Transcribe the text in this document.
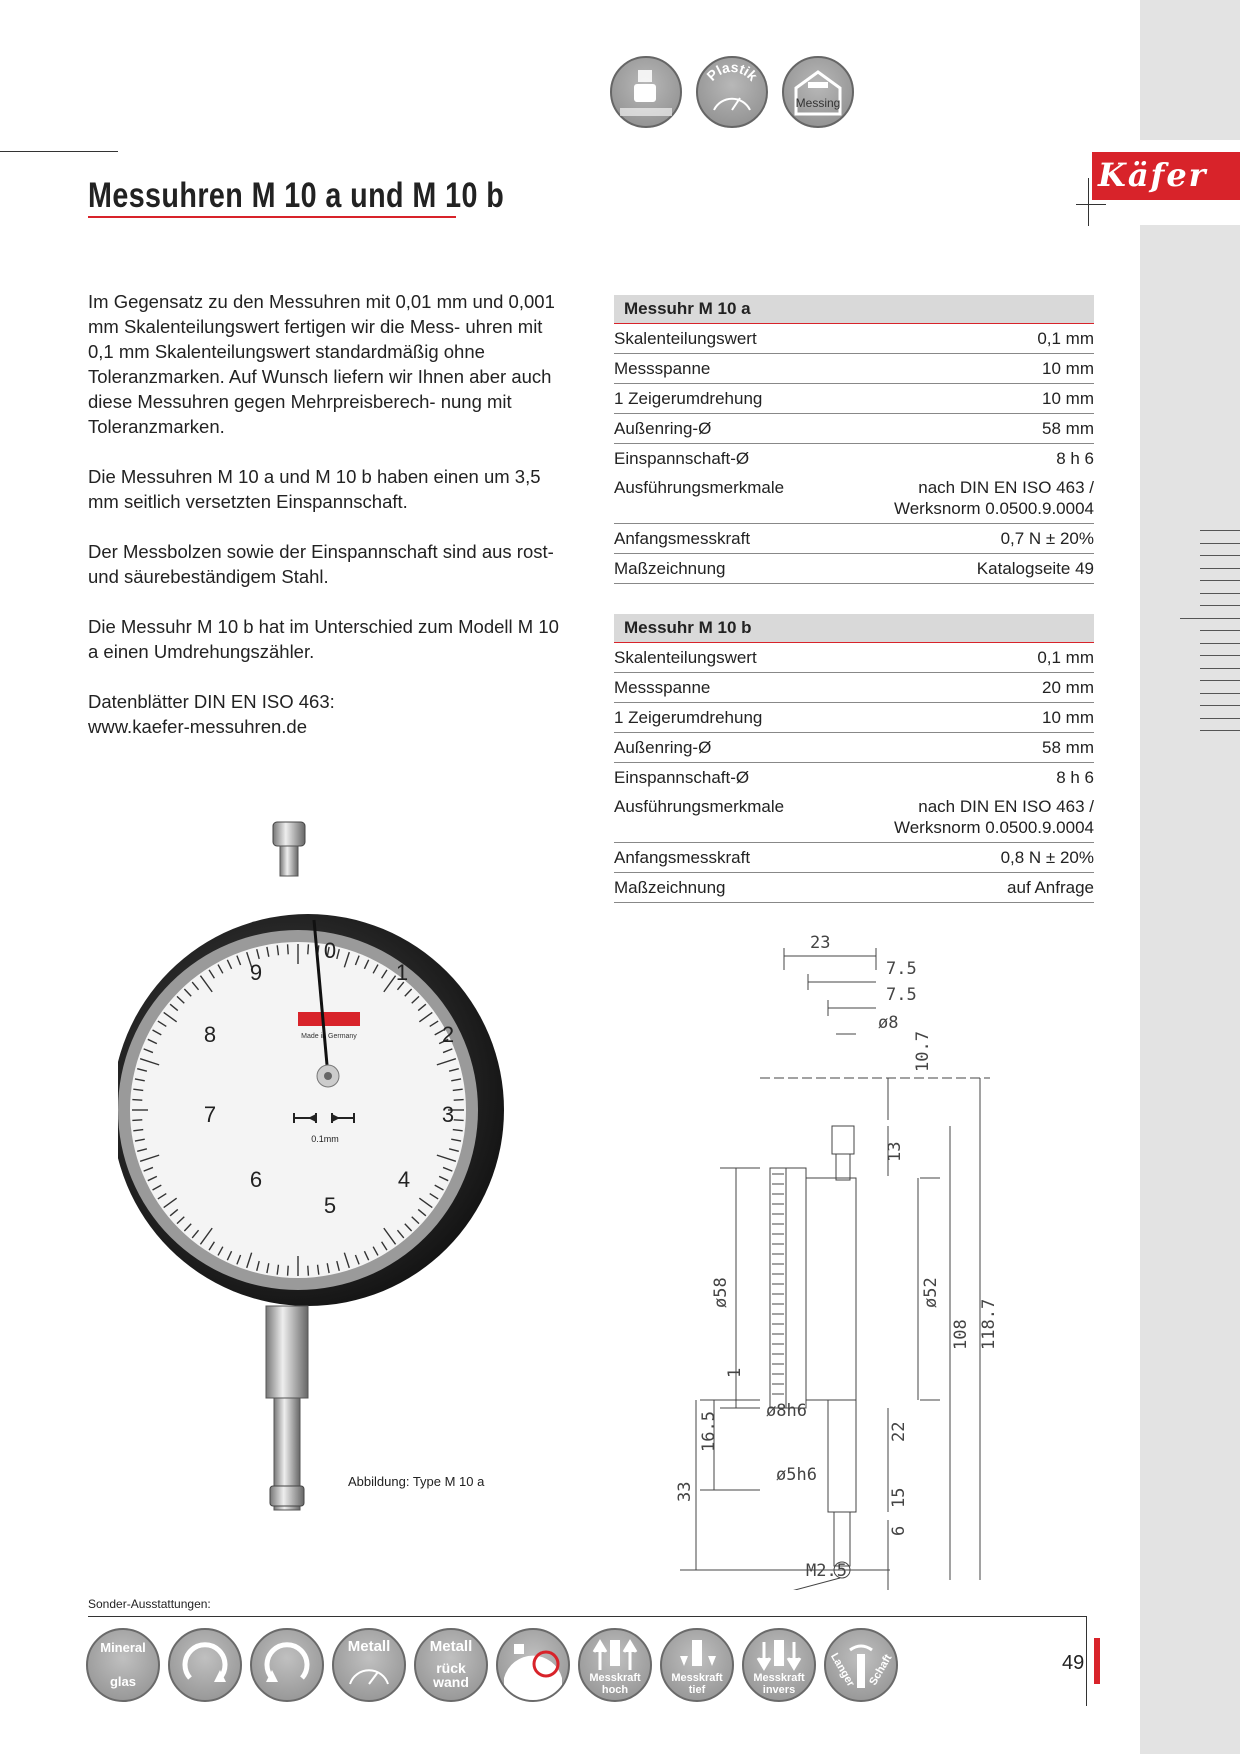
Plastik
Messing
Messuhren M 10 a und M 10 b
Käfer
Im Gegensatz zu den Messuhren mit 0,01 mm und 0,001 mm Skalenteilungswert fertigen wir die Mess- uhren mit 0,1 mm Skalenteilungswert standardmäßig ohne Toleranzmarken. Auf Wunsch liefern wir Ihnen aber auch diese Messuhren gegen Mehrpreisberech- nung mit Toleranzmarken.
Die Messuhren M 10 a und M 10 b haben einen um 3,5 mm seitlich versetzten Einspannschaft.
Der Messbolzen sowie der Einspannschaft sind aus rost- und säurebeständigem Stahl.
Die Messuhr M 10 b hat im Unterschied zum Modell M 10 a einen Umdrehungszähler.
Datenblätter DIN EN ISO 463:
www.kaefer-messuhren.de
Messuhr M 10 a
Skalenteilungswert	0,1 mm
Messspanne	10 mm
1 Zeigerumdrehung	10 mm
Außenring-Ø	58 mm
Einspannschaft-Ø	8 h 6
Ausführungsmerkmale	nach DIN EN ISO 463 /
Werksnorm 0.0500.9.0004
Anfangsmesskraft	0,7 N ± 20%
Maßzeichnung	Katalogseite 49
Messuhr M 10 b
Skalenteilungswert	0,1 mm
Messspanne	20 mm
1 Zeigerumdrehung	10 mm
Außenring-Ø	58 mm
Einspannschaft-Ø	8 h 6
Ausführungsmerkmale	nach DIN EN ISO 463 /
Werksnorm 0.0500.9.0004
Anfangsmesskraft	0,8 N ± 20%
Maßzeichnung	auf Anfrage
0
1
2
3
4
5
6
7
8
9
Made in Germany
0.1mm
Abbildung: Type M 10 a
23
7.5
7.5
ø8
10.7
13
ø58	ø52
108 118.7
1
16.5
33
ø8h6
22
ø5h6
15
6
M2.5
Sonder-Ausstattungen:
Mineral
glas
Metall	Metall
rück
wand	Messkraft
hoch
Messkraft
tief
Messkraft
invers
Langer Schaft	49
